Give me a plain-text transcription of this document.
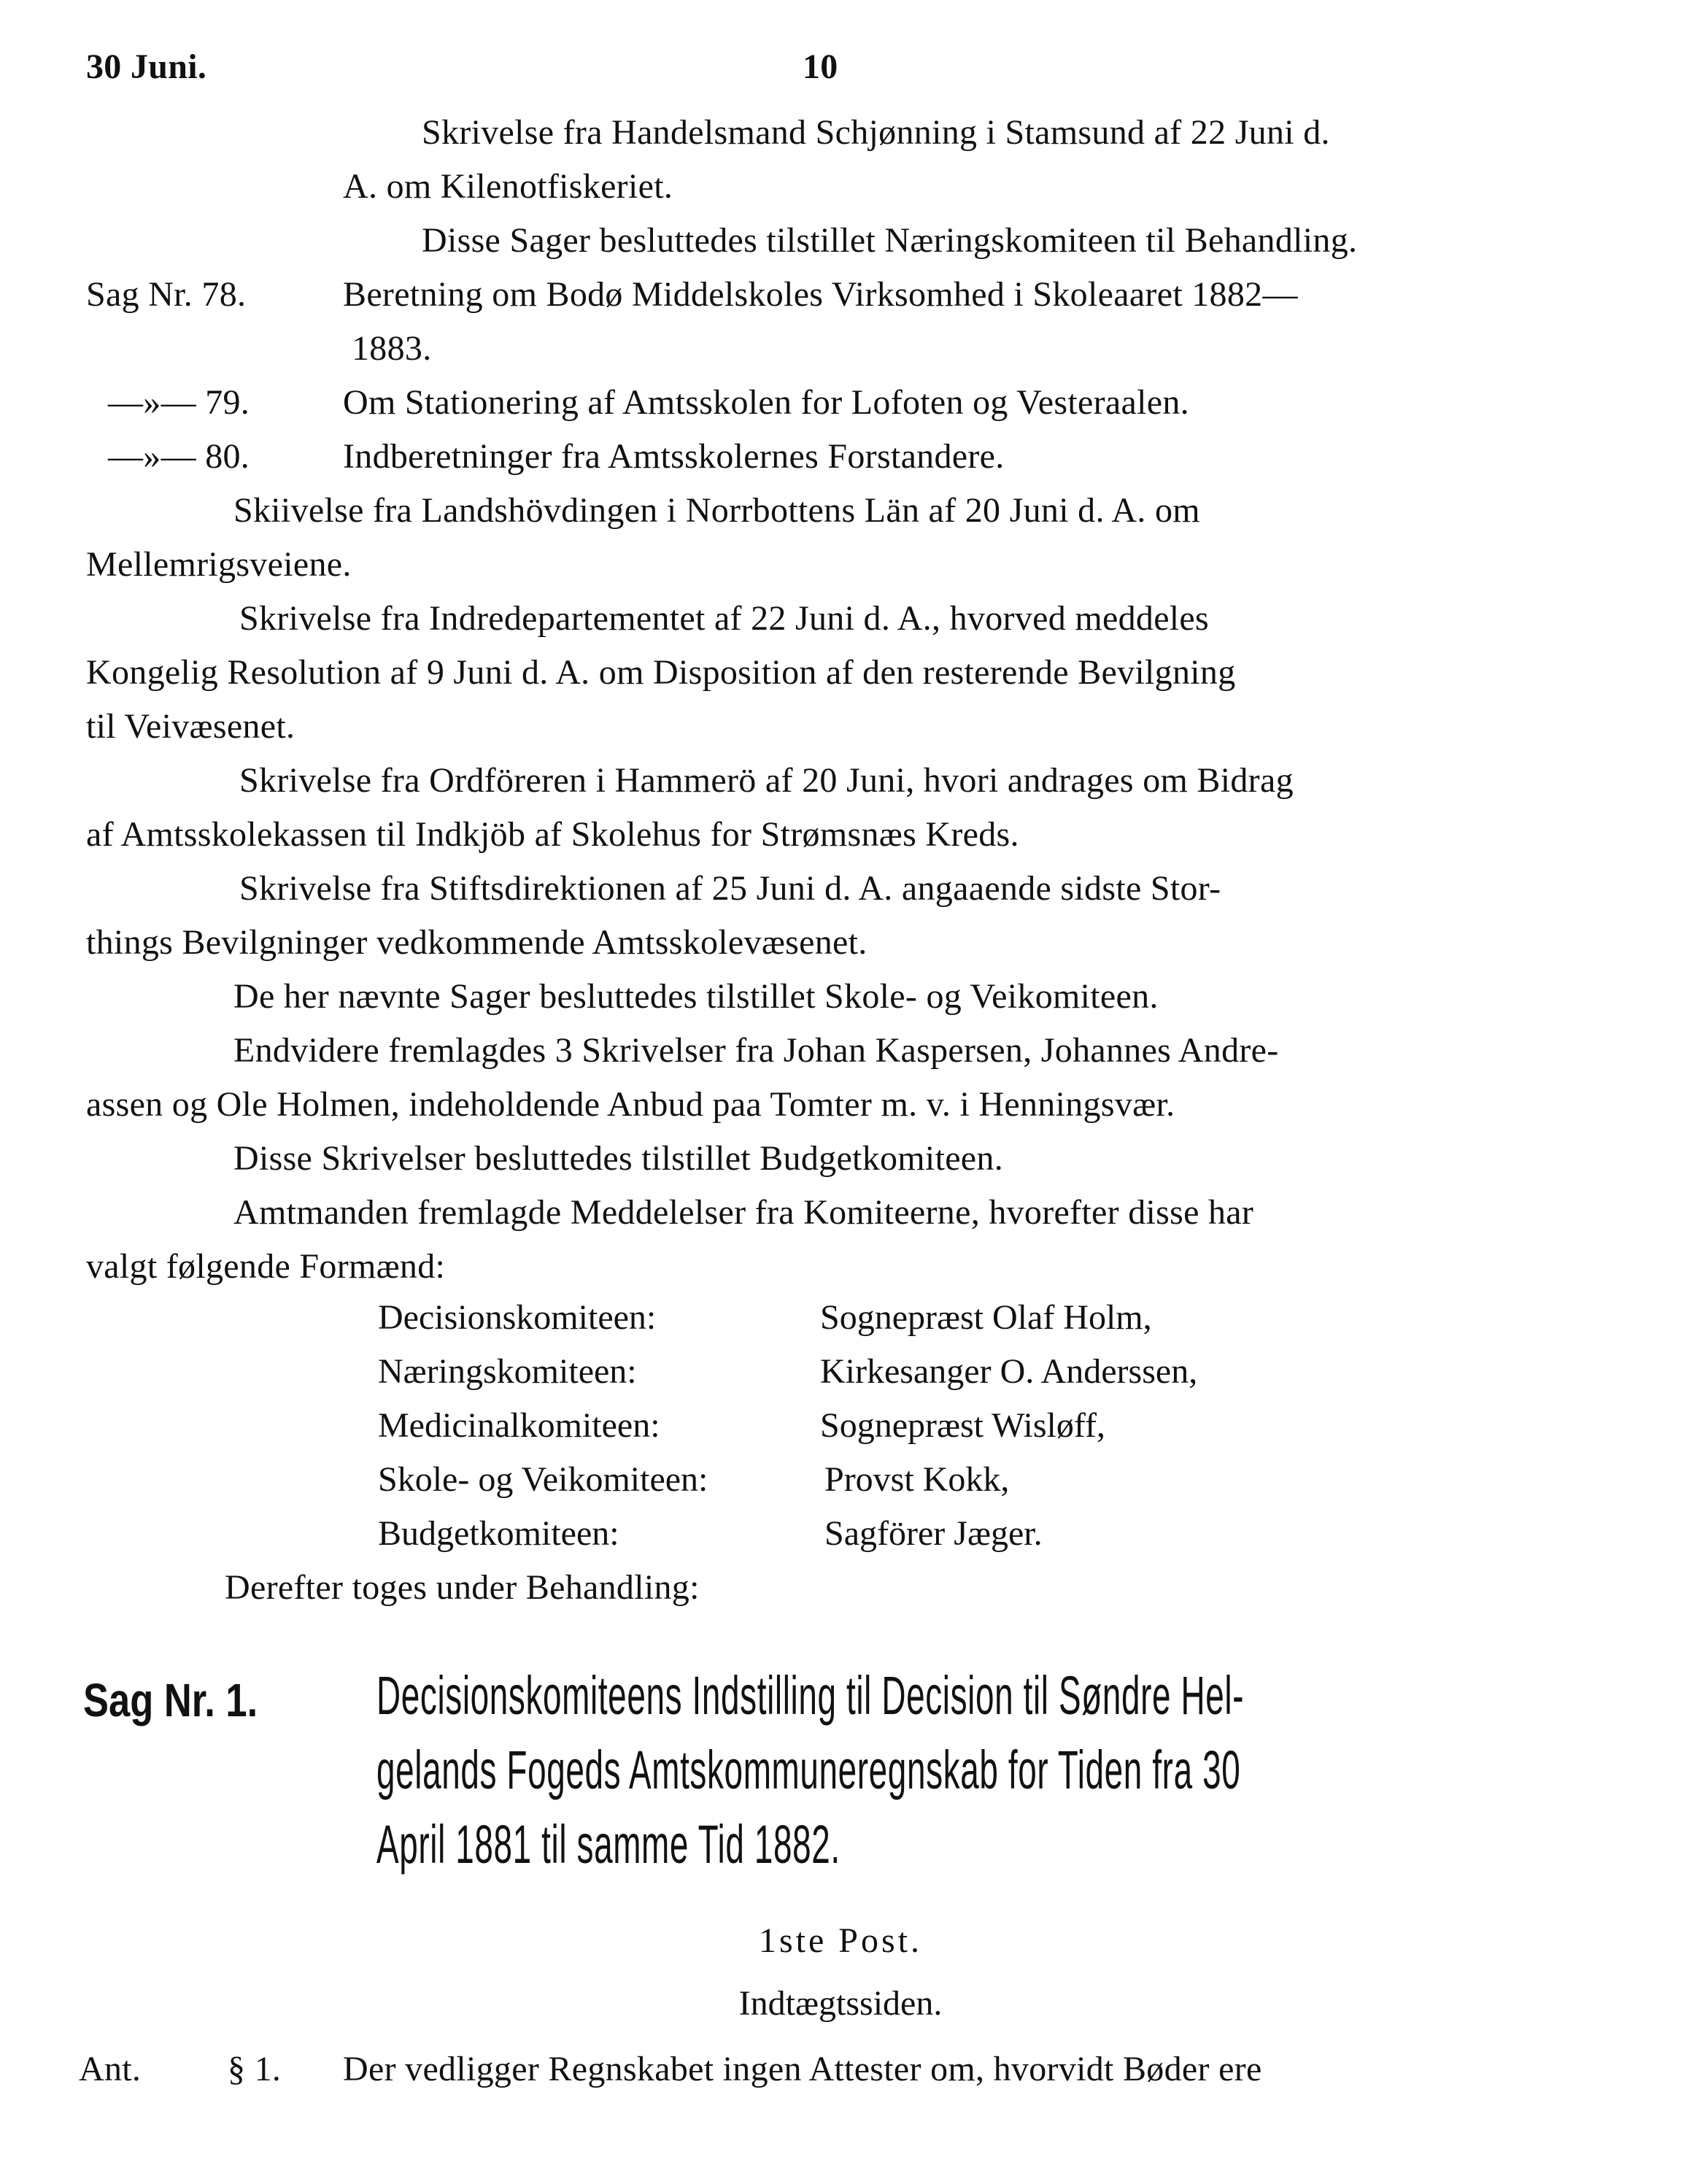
30 Juni.	10
Skrivelse fra Handelsmand Schjønning i Stamsund af 22 Juni d.
A. om Kilenotfiskeriet.
Disse Sager besluttedes tilstillet Næringskomiteen til Behandling.
Sag Nr. 78.	Beretning om Bodø Middelskoles Virksomhed i Skoleaaret 1882—
1883.
—»— 79.	Om Stationering af Amtsskolen for Lofoten og Vesteraalen.
—»— 80.	Indberetninger fra Amtsskolernes Forstandere.
Skiivelse fra Landshövdingen i Norrbottens Län af 20 Juni d. A. om
Mellemrigsveiene.
Skrivelse fra Indredepartementet af 22 Juni d. A., hvorved meddeles
Kongelig Resolution af 9 Juni d. A. om Disposition af den resterende Bevilgning
til Veivæsenet.
Skrivelse fra Ordföreren i Hammerö af 20 Juni, hvori andrages om Bidrag
af Amtsskolekassen til Indkjöb af Skolehus for Strømsnæs Kreds.
Skrivelse fra Stiftsdirektionen af 25 Juni d. A. angaaende sidste Stor-
things Bevilgninger vedkommende Amtsskolevæsenet.
De her nævnte Sager besluttedes tilstillet Skole- og Veikomiteen.
Endvidere fremlagdes 3 Skrivelser fra Johan Kaspersen, Johannes Andre-
assen og Ole Holmen, indeholdende Anbud paa Tomter m. v. i Henningsvær.
Disse Skrivelser besluttedes tilstillet Budgetkomiteen.
Amtmanden fremlagde Meddelelser fra Komiteerne, hvorefter disse har
valgt følgende Formænd:
Decisionskomiteen:	Sognepræst Olaf Holm,
Næringskomiteen:	Kirkesanger O. Anderssen,
Medicinalkomiteen:	Sognepræst Wisløff,
Skole- og Veikomiteen:	Provst Kokk,
Budgetkomiteen:	Sagförer Jæger.
Derefter toges under Behandling:
Sag Nr. 1. Decisionskomiteens Indstilling til Decision til Søndre Hel-
gelands Fogeds Amtskommuneregnskab for Tiden fra 30
April 1881 til samme Tid 1882.
1ste Post.
Indtægtssiden.
Ant. § 1. Der vedligger Regnskabet ingen Attester om, hvorvidt Bøder ere
